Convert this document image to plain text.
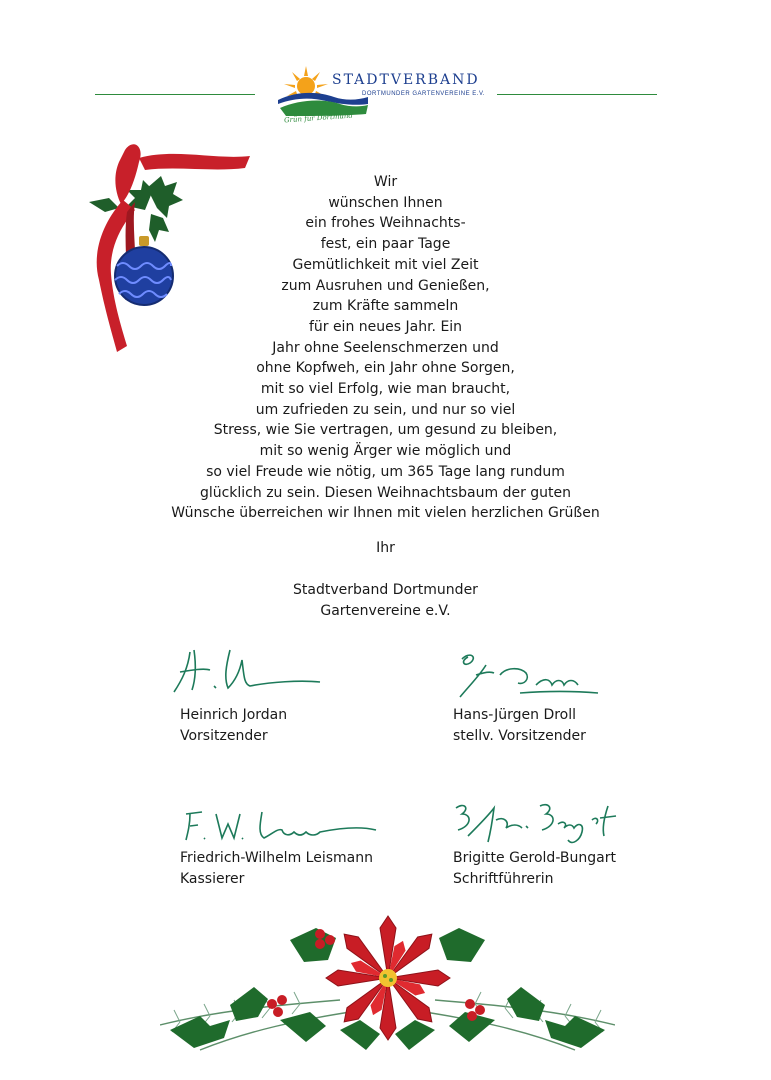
STADTVERBAND
DORTMUNDER GARTENVEREINE E.V.
Grün für Dortmund
Wir
wünschen Ihnen
ein frohes Weihnachts-
fest, ein paar Tage
Gemütlichkeit mit viel Zeit
zum Ausruhen und Genießen,
zum Kräfte sammeln
für ein neues Jahr. Ein
Jahr ohne Seelenschmerzen und
ohne Kopfweh, ein Jahr ohne Sorgen,
mit so viel Erfolg, wie man braucht,
um zufrieden zu sein, und nur so viel
Stress, wie Sie vertragen, um gesund zu bleiben,
mit so wenig Ärger wie möglich und
so viel Freude wie nötig, um 365 Tage lang rundum
glücklich zu sein. Diesen Weihnachtsbaum der guten
Wünsche überreichen wir Ihnen mit vielen herzlichen Grüßen
Ihr
Stadtverband Dortmunder
Gartenvereine e.V.
Heinrich Jordan
Vorsitzender
Hans-Jürgen Droll
stellv. Vorsitzender
Friedrich-Wilhelm Leismann
Kassierer
Brigitte Gerold-Bungart
Schriftführerin
